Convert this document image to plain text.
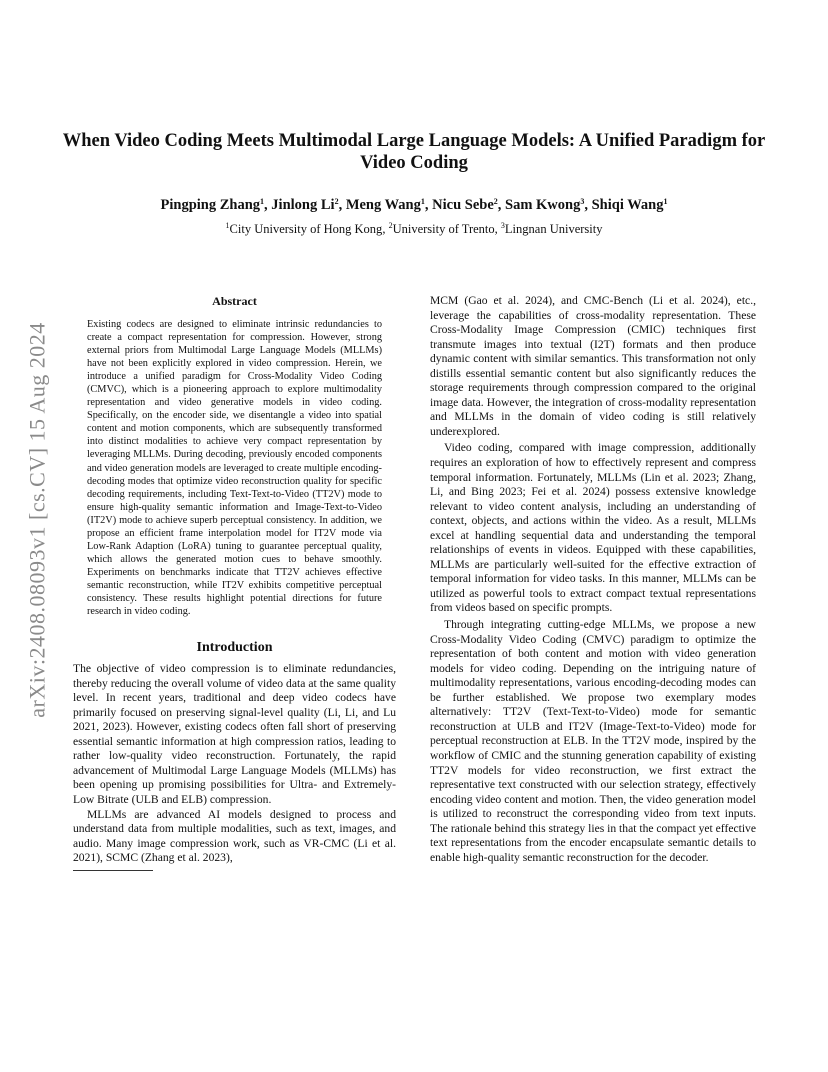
arXiv:2408.08093v1 [cs.CV] 15 Aug 2024
When Video Coding Meets Multimodal Large Language Models: A Unified Paradigm for Video Coding
Pingping Zhang$^1$, Jinlong Li$^2$, Meng Wang$^1$, Nicu Sebe$^2$, Sam Kwong$^3$, Shiqi Wang$^1$
$^1$City University of Hong Kong, $^2$University of Trento, $^3$Lingnan University
Abstract

Existing codecs are designed to eliminate intrinsic redundancies to create a compact representation for compression. However, strong external priors from Multimodal Large Language Models (MLLMs) have not been explicitly explored in video compression. Herein, we introduce a unified paradigm for Cross-Modality Video Coding (CMVC), which is a pioneering approach to explore multimodality representation and video generative models in video coding. Specifically, on the encoder side, we disentangle a video into spatial content and motion components, which are subsequently transformed into distinct modalities to achieve very compact representation by leveraging MLLMs. During decoding, previously encoded components and video generation models are leveraged to create multiple encoding-decoding modes that optimize video reconstruction quality for specific decoding requirements, including Text-Text-to-Video (TT2V) mode to ensure high-quality semantic information and Image-Text-to-Video (IT2V) mode to achieve superb perceptual consistency. In addition, we propose an efficient frame interpolation model for IT2V mode via Low-Rank Adaption (LoRA) tuning to guarantee perceptual quality, which allows the generated motion cues to behave smoothly. Experiments on benchmarks indicate that TT2V achieves effective semantic reconstruction, while IT2V exhibits competitive perceptual consistency. These results highlight potential directions for future research in video coding.

Introduction

The objective of video compression is to eliminate redundancies, thereby reducing the overall volume of video data at the same quality level. In recent years, traditional and deep video codecs have primarily focused on preserving signal-level quality (Li, Li, and Lu 2021, 2023). However, existing codecs often fall short of preserving essential semantic information at high compression ratios, leading to rather low-quality video reconstruction. Fortunately, the rapid advancement of Multimodal Large Language Models (MLLMs) has been opening up promising possibilities for Ultra- and Extremely- Low Bitrate (ULB and ELB) compression.

MLLMs are advanced AI models designed to process and understand data from multiple modalities, such as text, images, and audio. Many image compression work, such as VR-CMC (Li et al. 2021), SCMC (Zhang et al. 2023),

MCM (Gao et al. 2024), and CMC-Bench (Li et al. 2024), etc., leverage the capabilities of cross-modality representation. These Cross-Modality Image Compression (CMIC) techniques first transmute images into textual (I2T) formats and then produce dynamic content with similar semantics. This transformation not only distills essential semantic content but also significantly reduces the storage requirements through compression compared to the original image data. However, the integration of cross-modality representation and MLLMs in the domain of video coding is still relatively underexplored.

Video coding, compared with image compression, additionally requires an exploration of how to effectively represent and compress temporal information. Fortunately, MLLMs (Lin et al. 2023; Zhang, Li, and Bing 2023; Fei et al. 2024) possess extensive knowledge relevant to video content analysis, including an understanding of context, objects, and actions within the video. As a result, MLLMs excel at handling sequential data and understanding the temporal relationships of events in videos. Equipped with these capabilities, MLLMs are particularly well-suited for the effective extraction of temporal information for video tasks. In this manner, MLLMs can be utilized as powerful tools to extract compact textual representations from videos based on specific prompts.

Through integrating cutting-edge MLLMs, we propose a new Cross-Modality Video Coding (CMVC) paradigm to optimize the representation of both content and motion with video generation models for video coding. Depending on the intriguing nature of multimodality representations, various encoding-decoding modes can be further established. We propose two exemplary modes alternatively: TT2V (Text-Text-to-Video) mode for semantic reconstruction at ULB and IT2V (Image-Text-to-Video) mode for perceptual reconstruction at ELB. In the TT2V mode, inspired by the workflow of CMIC and the stunning generation capability of existing TT2V models for video reconstruction, we first extract the representative text constructed with our selection strategy, effectively encoding video content and motion. Then, the video generation model is utilized to reconstruct the corresponding video from text inputs. The rationale behind this strategy lies in that the compact yet effective text representations from the encoder encapsulate semantic details to enable high-quality semantic reconstruction for the decoder.
